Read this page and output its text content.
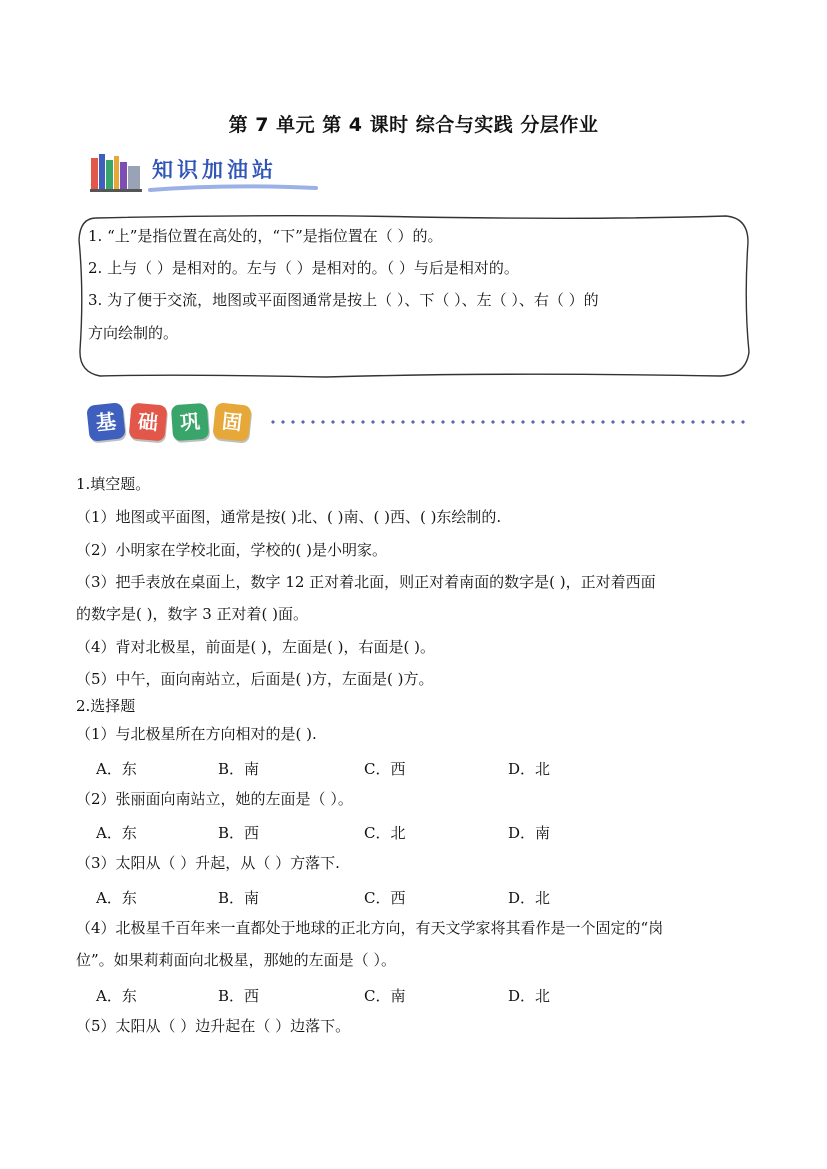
第 7 单元 第 4 课时 综合与实践 分层作业
知识加油站
1. “上”是指位置在高处的，“下”是指位置在（ ）的。
2. 上与（ ）是相对的。左与（ ）是相对的。（ ）与后是相对的。
3. 为了便于交流，地图或平面图通常是按上（ ）、下（ ）、左（ ）、右（ ）的
方向绘制的。
基 础	巩 固
1.填空题。
（1）地图或平面图，通常是按( )北、( )南、( )西、( )东绘制的.
（2）小明家在学校北面，学校的( )是小明家。
（3）把手表放在桌面上，数字 12 正对着北面，则正对着南面的数字是( )，正对着西面
的数字是( )，数字 3 正对着( )面。
（4）背对北极星，前面是( )，左面是( )，右面是( )。
（5）中午，面向南站立，后面是( )方，左面是( )方。
2.选择题
（1）与北极星所在方向相对的是( ).
A．东	B．南	C．西	D．北
（2）张丽面向南站立，她的左面是（ ）。
A．东	B．西	C．北	D．南
（3）太阳从（ ）升起，从（ ）方落下.
A．东	B．南	C．西	D．北
（4）北极星千百年来一直都处于地球的正北方向，有天文学家将其看作是一个固定的“岗
位”。如果莉莉面向北极星，那她的左面是（ ）。
A．东	B．西	C．南	D．北
（5）太阳从（ ）边升起在（ ）边落下。
